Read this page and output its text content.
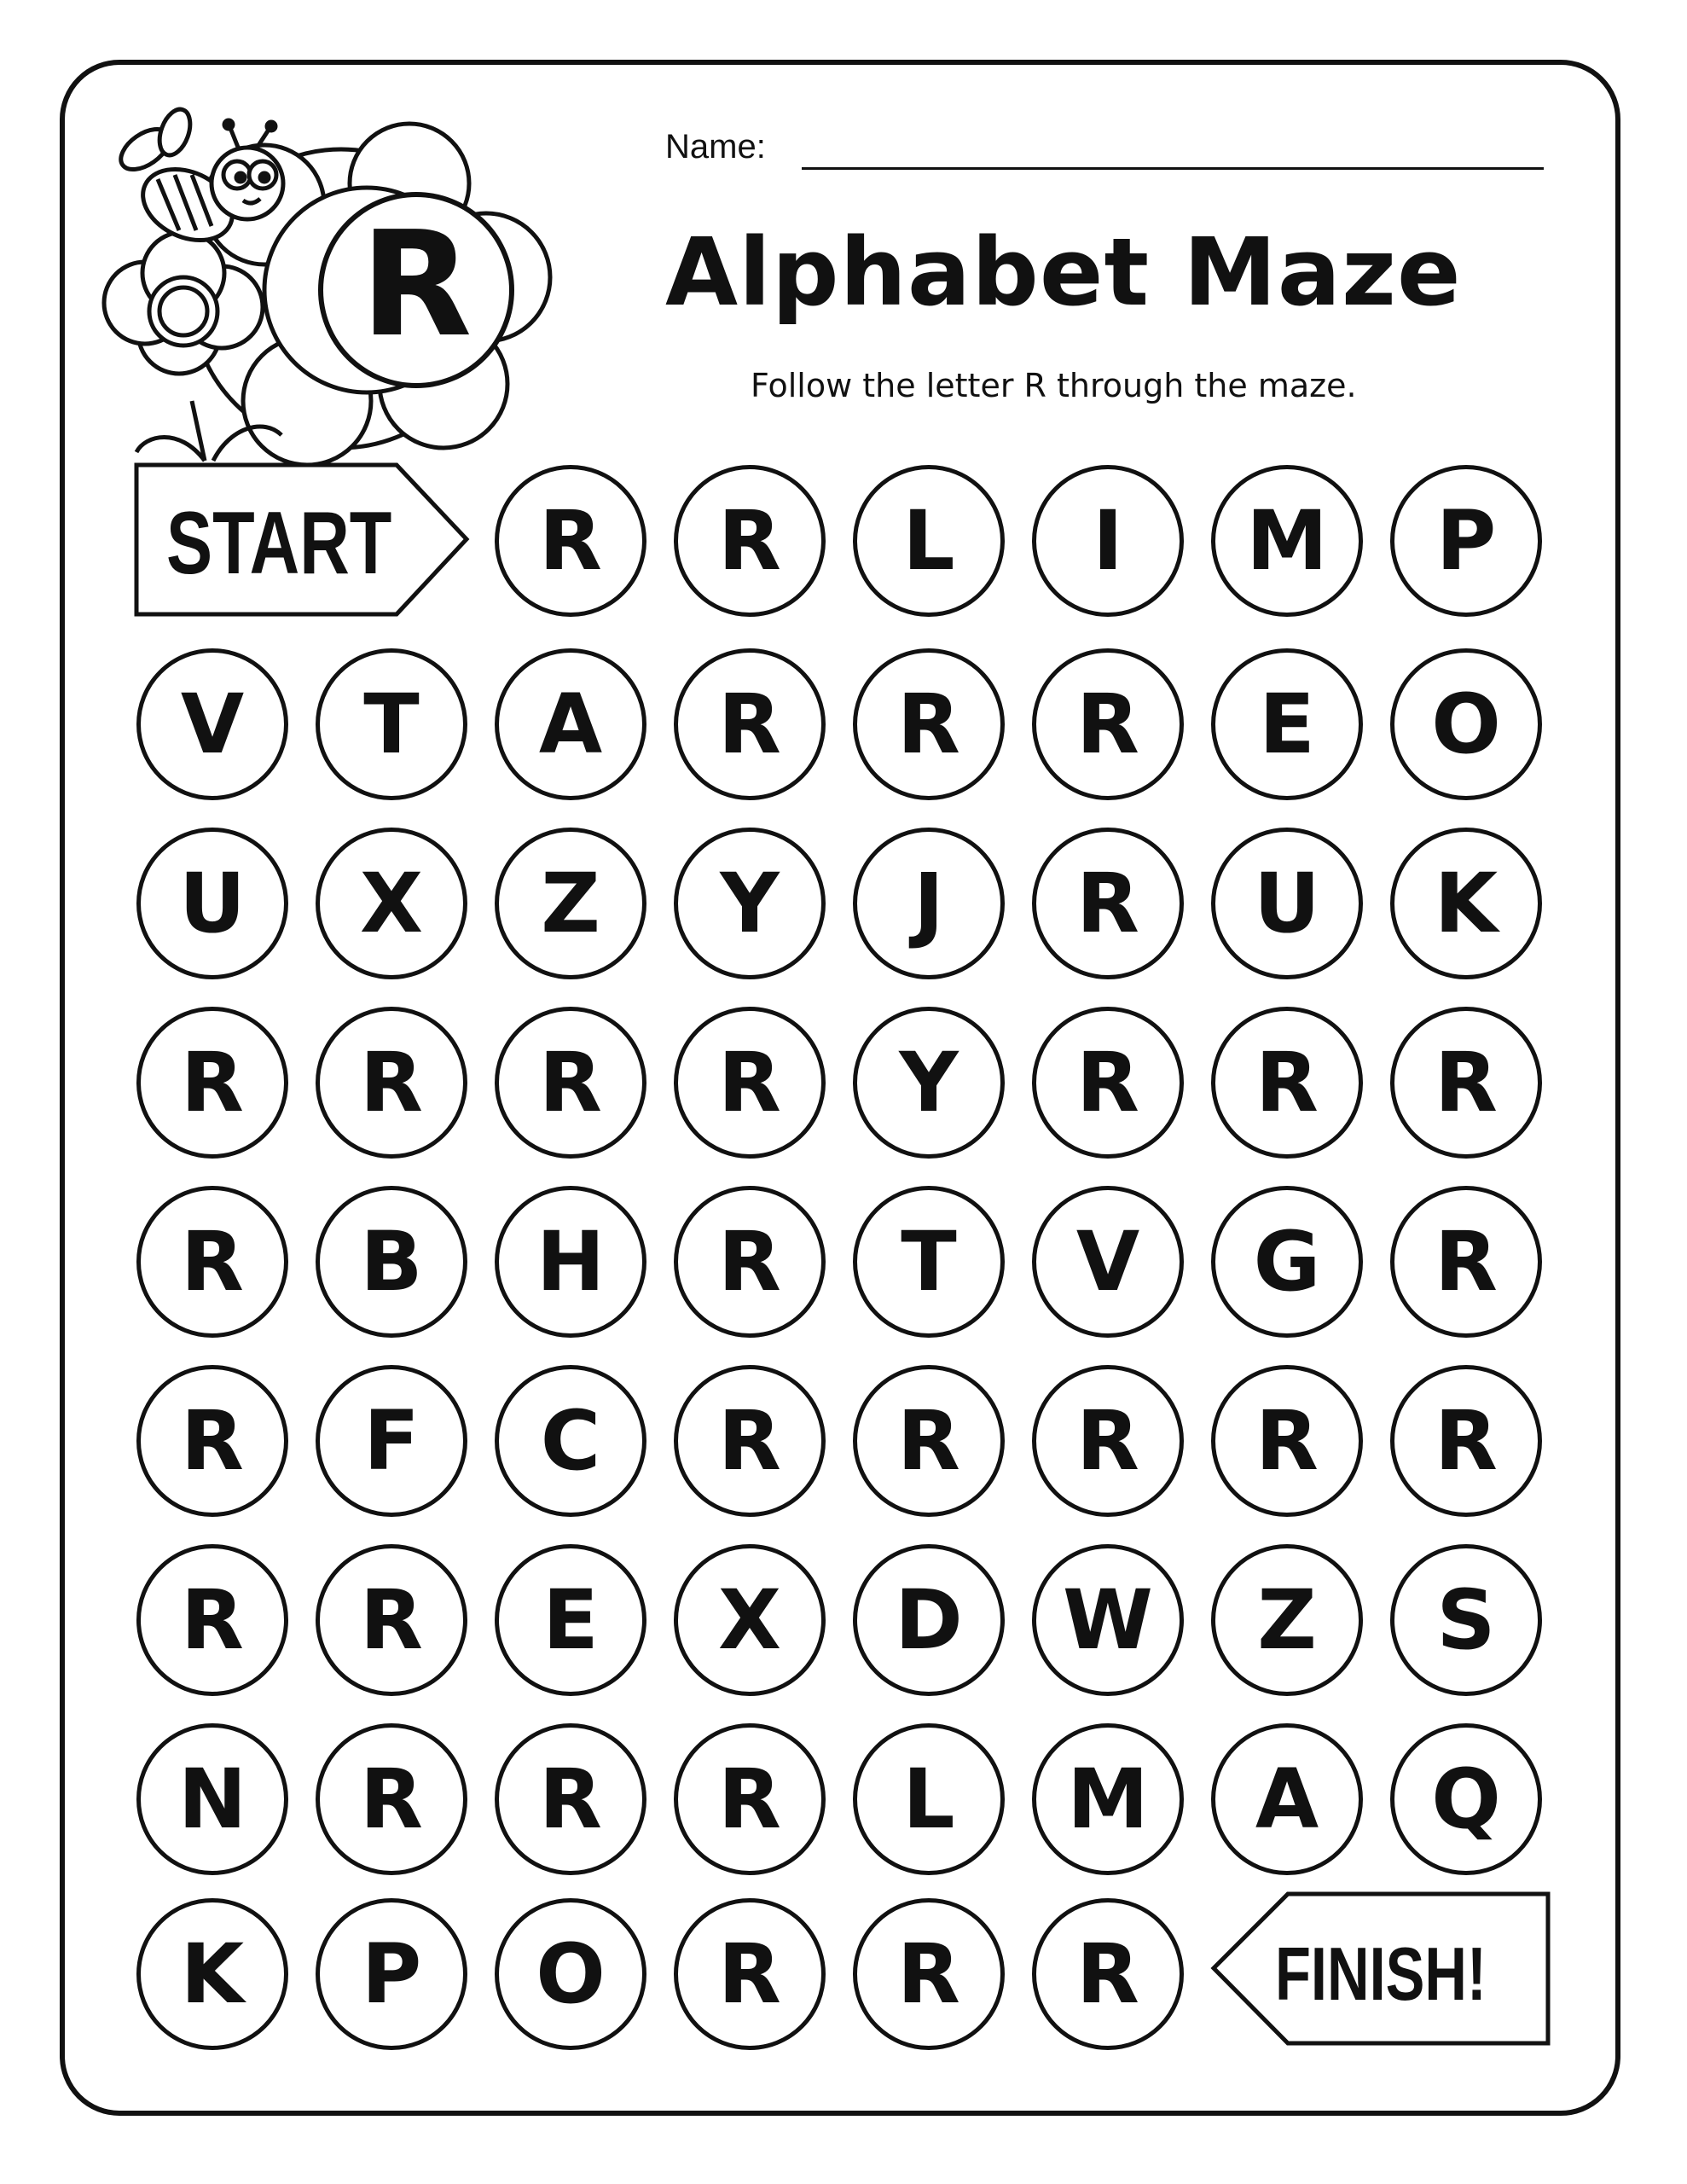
R
Name:
Alphabet Maze
Follow the letter R through the maze.
START
FINISH!
R	R	L	I	M	P
V	T	A	R	R	R	E	O
U	X	Z	Y	J	R	U	K
R	R	R	R	Y	R	R	R
R	B	H	R	T	V	G	R
R	F	C	R	R	R	R	R
R	R	E	X	D	W	Z	S
N	R	R	R	L	M	A	Q
K	P	O	R	R	R
